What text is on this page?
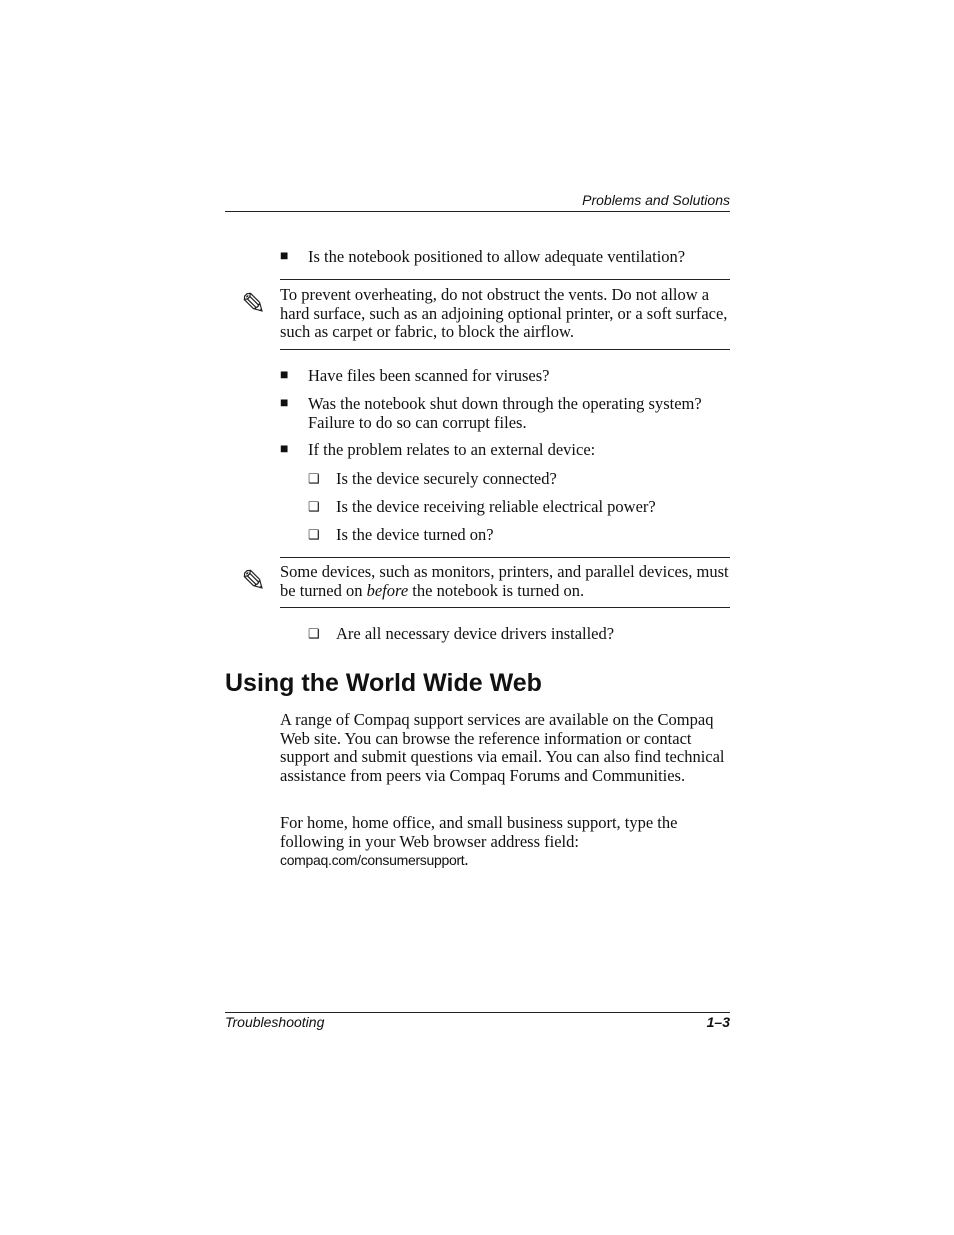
Problems and Solutions
■ Is the notebook positioned to allow adequate ventilation?
✎ To prevent overheating, do not obstruct the vents. Do not allow a hard surface, such as an adjoining optional printer, or a soft surface, such as carpet or fabric, to block the airflow.
■ Have files been scanned for viruses?
■ Was the notebook shut down through the operating system? Failure to do so can corrupt files.
■ If the problem relates to an external device:
❑ Is the device securely connected?
❑ Is the device receiving reliable electrical power?
❑ Is the device turned on?
✎ Some devices, such as monitors, printers, and parallel devices, must be turned on before the notebook is turned on.
❑ Are all necessary device drivers installed?
Using the World Wide Web

A range of Compaq support services are available on the Compaq Web site. You can browse the reference information or contact support and submit questions via email. You can also find technical assistance from peers via Compaq Forums and Communities.

For home, home office, and small business support, type the following in your Web browser address field:
compaq.com/consumersupport.

Troubleshooting	1–3
